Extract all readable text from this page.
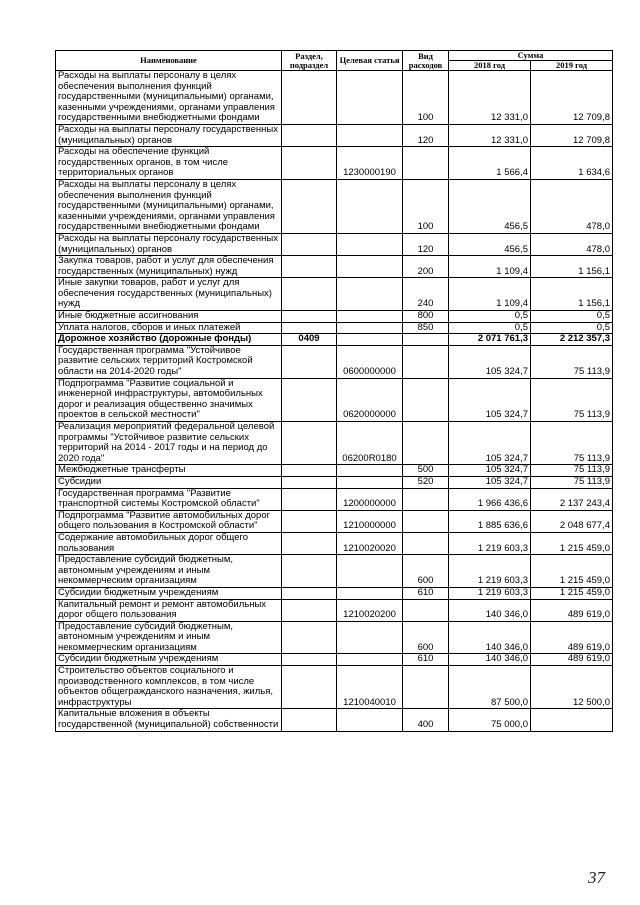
Наименование	Раздел, подраздел	Целевая статья	Вид расходов	Сумма	
				2018 год	2019 год
Расходы на выплаты персоналу в целях обеспечения выполнения функций государственными (муниципальными) органами, казенными учреждениями, органами управления государственными внебюджетными фондами			100	12 331,0	12 709,8
Расходы на выплаты персоналу государственных (муниципальных) органов			120	12 331,0	12 709,8
Расходы на обеспечение функций государственных органов, в том числе территориальных органов		1230000190		1 566,4	1 634,6
Расходы на выплаты персоналу в целях обеспечения выполнения функций государственными (муниципальными) органами, казенными учреждениями, органами управления государственными внебюджетными фондами			100	456,5	478,0
Расходы на выплаты персоналу государственных (муниципальных) органов			120	456,5	478,0
Закупка товаров, работ и услуг для обеспечения государственных (муниципальных) нужд			200	1 109,4	1 156,1
Иные закупки товаров, работ и услуг для обеспечения государственных (муниципальных) нужд			240	1 109,4	1 156,1
Иные бюджетные ассигнования			800	0,5	0,5
Уплата налогов, сборов и иных платежей			850	0,5	0,5
Дорожное хозяйство (дорожные фонды)	0409			2 071 761,3	2 212 357,3
Государственная программа "Устойчивое развитие сельских территорий Костромской области на 2014-2020 годы"		0600000000		105 324,7	75 113,9
Подпрограмма "Развитие социальной и инженерной инфраструктуры, автомобильных дорог и реализация общественно значимых проектов в сельской местности"		0620000000		105 324,7	75 113,9
Реализация мероприятий федеральной целевой программы "Устойчивое развитие сельских территорий на 2014 - 2017 годы и на период до 2020 года"		06200R0180		105 324,7	75 113,9
Межбюджетные трансферты			500	105 324,7	75 113,9
Субсидии			520	105 324,7	75 113,9
Государственная программа "Развитие транспортной системы Костромской области"		1200000000		1 966 436,6	2 137 243,4
Подпрограмма "Развитие автомобильных дорог общего пользования в Костромской области"		1210000000		1 885 636,6	2 048 677,4
Содержание автомобильных дорог общего пользования		1210020020		1 219 603,3	1 215 459,0
Предоставление субсидий бюджетным, автономным учреждениям и иным некоммерческим организациям			600	1 219 603,3	1 215 459,0
Субсидии бюджетным учреждениям			610	1 219 603,3	1 215 459,0
Капитальный ремонт и ремонт автомобильных дорог общего пользования		1210020200		140 346,0	489 619,0
Предоставление субсидий бюджетным, автономным учреждениям и иным некоммерческим организациям			600	140 346,0	489 619,0
Субсидии бюджетным учреждениям			610	140 346,0	489 619,0
Строительство объектов социального и производственного комплексов, в том числе объектов общегражданского назначения, жилья, инфраструктуры		1210040010		87 500,0	12 500,0
Капитальные вложения в объекты государственной (муниципальной) собственности			400	75 000,0	
37
